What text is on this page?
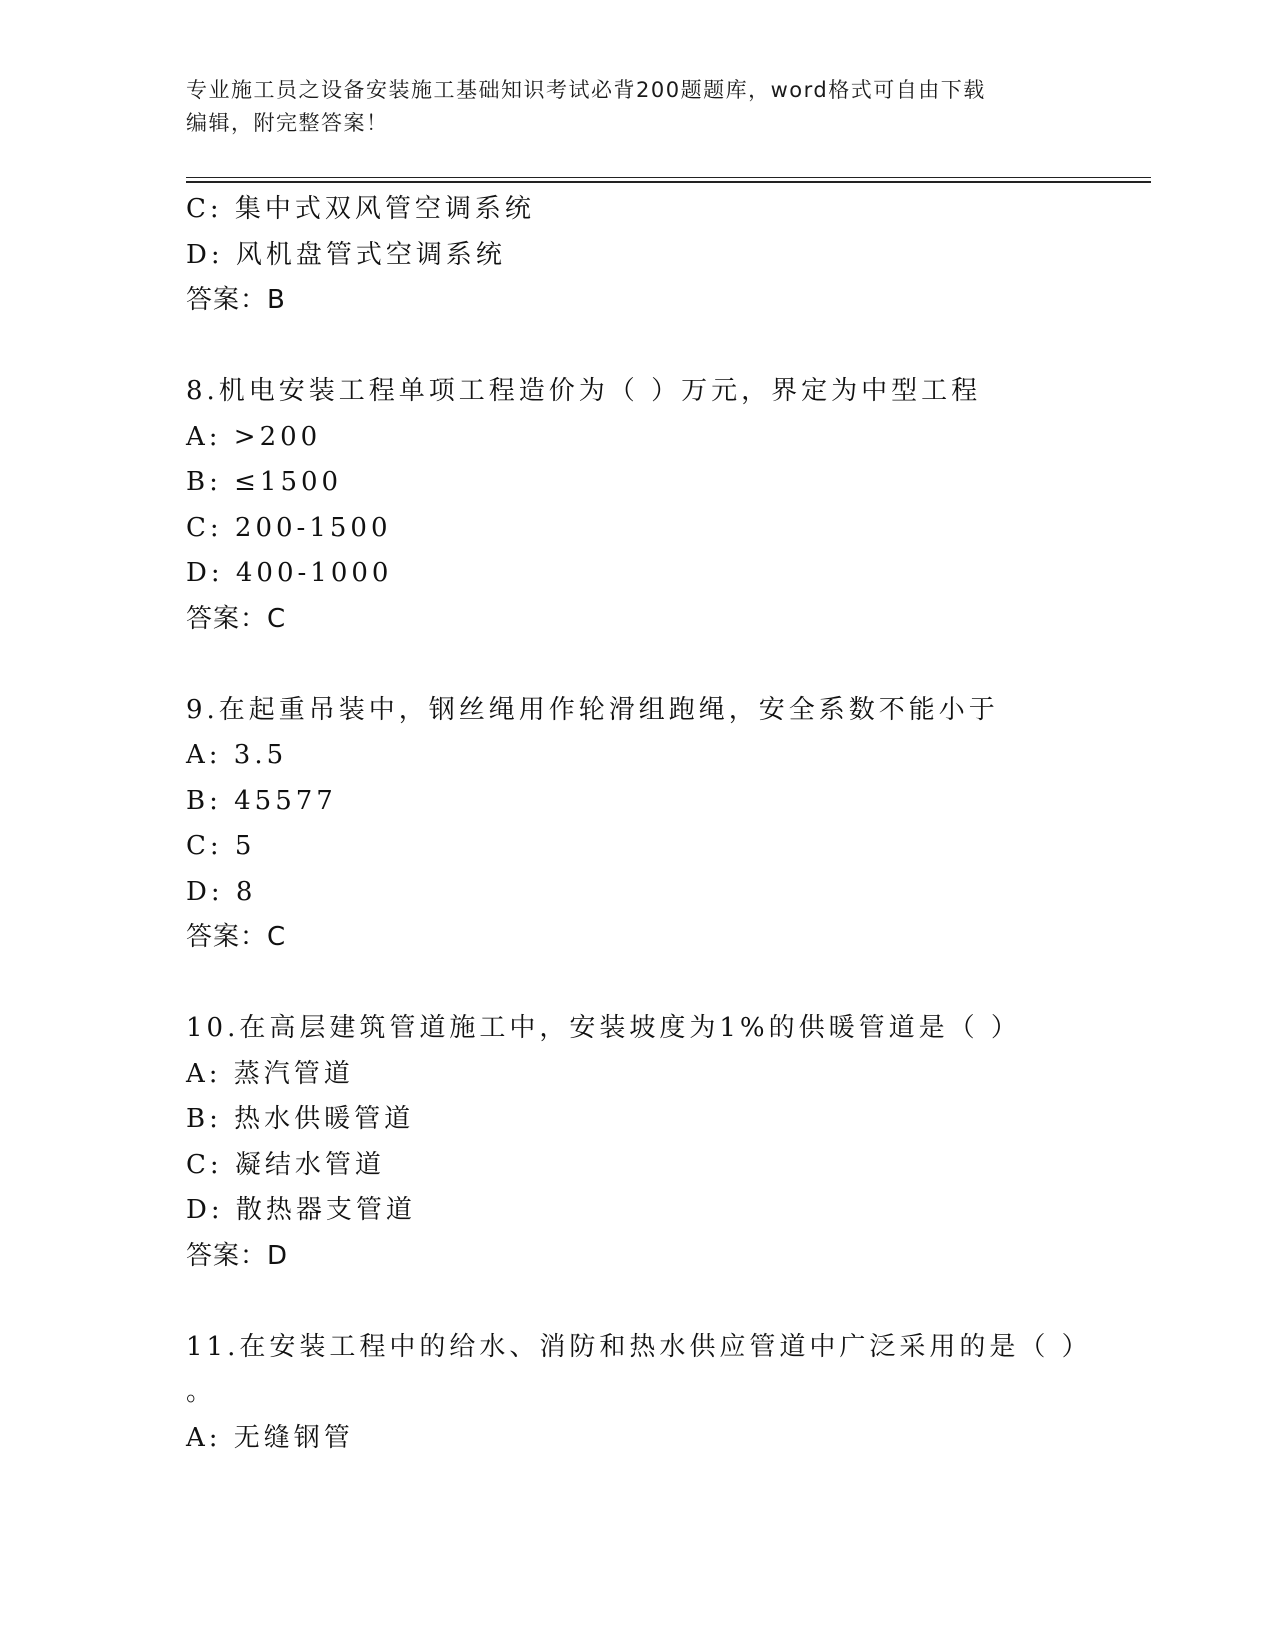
专业施工员之设备安装施工基础知识考试必背200题题库，word格式可自由下载
编辑，附完整答案！
C: 集中式双风管空调系统
D: 风机盘管式空调系统
答案：B
8.机电安装工程单项工程造价为（ ）万元，界定为中型工程
A: >200
B: ≤1500
C: 200-1500
D: 400-1000
答案：C
9.在起重吊装中，钢丝绳用作轮滑组跑绳，安全系数不能小于
A: 3.5
B: 45577
C: 5
D: 8
答案：C
10.在高层建筑管道施工中，安装坡度为1%的供暖管道是（ ）
A: 蒸汽管道
B: 热水供暖管道
C: 凝结水管道
D: 散热器支管道
答案：D
11.在安装工程中的给水、消防和热水供应管道中广泛采用的是（ ）
。
A: 无缝钢管
